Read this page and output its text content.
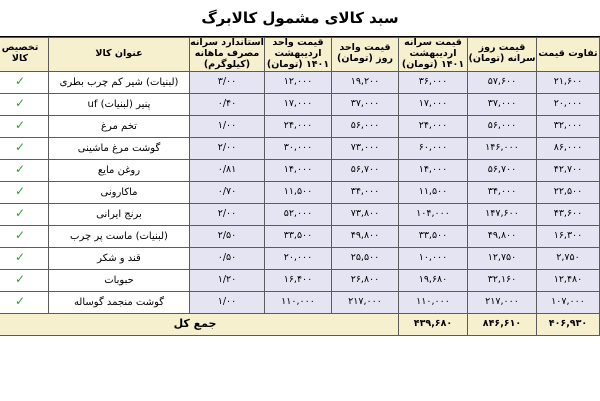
سبد کالای مشمول کالابرگ
تفاوت قیمت	قیمت روز سرانه (تومان)	قیمت سرانه اردیبهشت ۱۴۰۱ (تومان)	قیمت واحد روز (تومان)	قیمت واحد اردیبهشت ۱۴۰۱ (تومان)	استاندارد سرانه مصرف ماهانه (کیلوگرم)	عنوان کالا	تخصیص کالا
۲۱,۶۰۰	۵۷,۶۰۰	۳۶,۰۰۰	۱۹,۲۰۰	۱۲,۰۰۰	۳/۰۰	(لبنیات) شیر کم چرب بطری	✓
۲۰,۰۰۰	۳۷,۰۰۰	۱۷,۰۰۰	۳۷,۰۰۰	۱۷,۰۰۰	۰/۴۰	پنیر (لبنیات) uf	✓
۳۲,۰۰۰	۵۶,۰۰۰	۲۴,۰۰۰	۵۶,۰۰۰	۲۴,۰۰۰	۱/۰۰	تخم مرغ	✓
۸۶,۰۰۰	۱۴۶,۰۰۰	۶۰,۰۰۰	۷۳,۰۰۰	۳۰,۰۰۰	۲/۰۰	گوشت مرغ ماشینی	✓
۴۲,۷۰۰	۵۶,۷۰۰	۱۴,۰۰۰	۵۶,۷۰۰	۱۴,۰۰۰	۰/۸۱	روغن مایع	✓
۲۲,۵۰۰	۳۴,۰۰۰	۱۱,۵۰۰	۳۴,۰۰۰	۱۱,۵۰۰	۰/۷۰	ماکارونی	✓
۴۳,۶۰۰	۱۴۷,۶۰۰	۱۰۴,۰۰۰	۷۳,۸۰۰	۵۲,۰۰۰	۲/۰۰	برنج ایرانی	✓
۱۶,۳۰۰	۴۹,۸۰۰	۳۳,۵۰۰	۴۹,۸۰۰	۳۳,۵۰۰	۲/۵۰	(لبنیات) ماست پر چرب	✓
۲,۷۵۰	۱۲,۷۵۰	۱۰,۰۰۰	۲۵,۵۰۰	۲۰,۰۰۰	۰/۵۰	قند و شکر	✓
۱۲,۴۸۰	۳۲,۱۶۰	۱۹,۶۸۰	۲۶,۸۰۰	۱۶,۴۰۰	۱/۲۰	حبوبات	✓
۱۰۷,۰۰۰	۲۱۷,۰۰۰	۱۱۰,۰۰۰	۲۱۷,۰۰۰	۱۱۰,۰۰۰	۱/۰۰	گوشت منجمد گوساله	✓
۴۰۶,۹۳۰	۸۴۶,۶۱۰	۴۳۹,۶۸۰	جمع کل				
